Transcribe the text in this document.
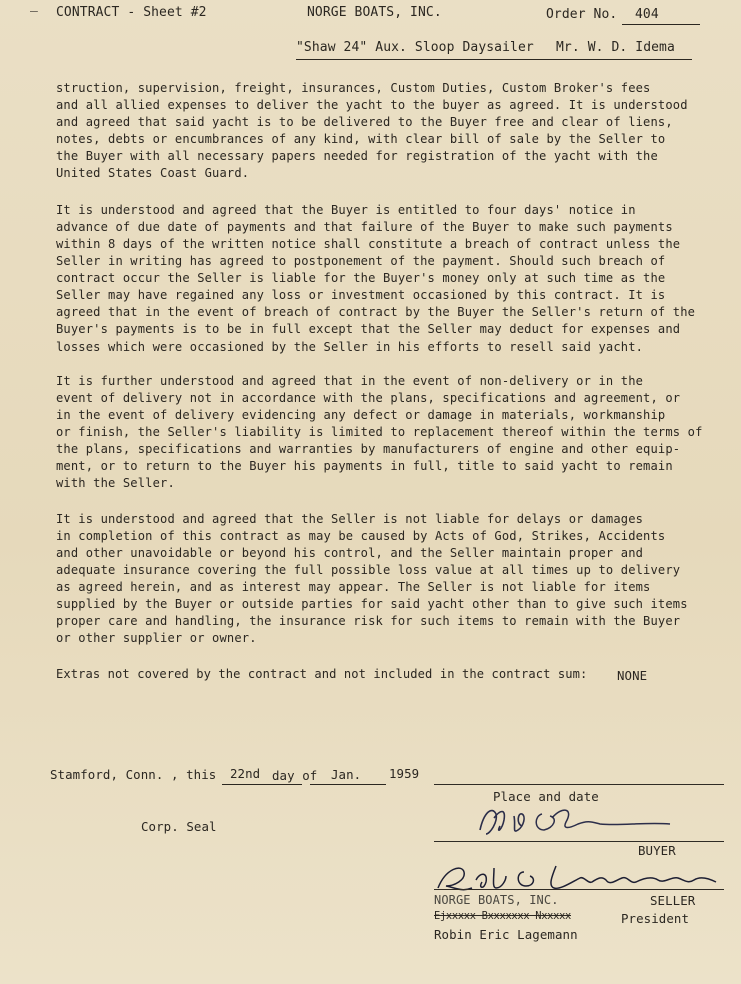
— CONTRACT - Sheet #2	NORGE BOATS, INC.	Order No. 404
"Shaw 24" Aux. Sloop Daysailer Mr. W. D. Idema
struction, supervision, freight, insurances, Custom Duties, Custom Broker's fees
and all allied expenses to deliver the yacht to the buyer as agreed. It is understood
and agreed that said yacht is to be delivered to the Buyer free and clear of liens,
notes, debts or encumbrances of any kind, with clear bill of sale by the Seller to
the Buyer with all necessary papers needed for registration of the yacht with the
United States Coast Guard.
It is understood and agreed that the Buyer is entitled to four days' notice in
advance of due date of payments and that failure of the Buyer to make such payments
within 8 days of the written notice shall constitute a breach of contract unless the
Seller in writing has agreed to postponement of the payment. Should such breach of
contract occur the Seller is liable for the Buyer's money only at such time as the
Seller may have regained any loss or investment occasioned by this contract. It is
agreed that in the event of breach of contract by the Buyer the Seller's return of the
Buyer's payments is to be in full except that the Seller may deduct for expenses and
losses which were occasioned by the Seller in his efforts to resell said yacht.
It is further understood and agreed that in the event of non-delivery or in the
event of delivery not in accordance with the plans, specifications and agreement, or
in the event of delivery evidencing any defect or damage in materials, workmanship
or finish, the Seller's liability is limited to replacement thereof within the terms of
the plans, specifications and warranties by manufacturers of engine and other equip-
ment, or to return to the Buyer his payments in full, title to said yacht to remain
with the Seller.
It is understood and agreed that the Seller is not liable for delays or damages
in completion of this contract as may be caused by Acts of God, Strikes, Accidents
and other unavoidable or beyond his control, and the Seller maintain proper and
adequate insurance covering the full possible loss value at all times up to delivery
as agreed herein, and as interest may appear. The Seller is not liable for items
supplied by the Buyer or outside parties for said yacht other than to give such items
proper care and handling, the insurance risk for such items to remain with the Buyer
or other supplier or owner.
Extras not covered by the contract and not included in the contract sum: NONE
Stamford, Conn. , this 22nd day of Jan. 1959
Place and date
Corp. Seal
BUYER
NORGE BOATS, INC.	SELLER
Ejxxxxx Bxxxxxxx Nxxxxx	President
Robin Eric Lagemann
